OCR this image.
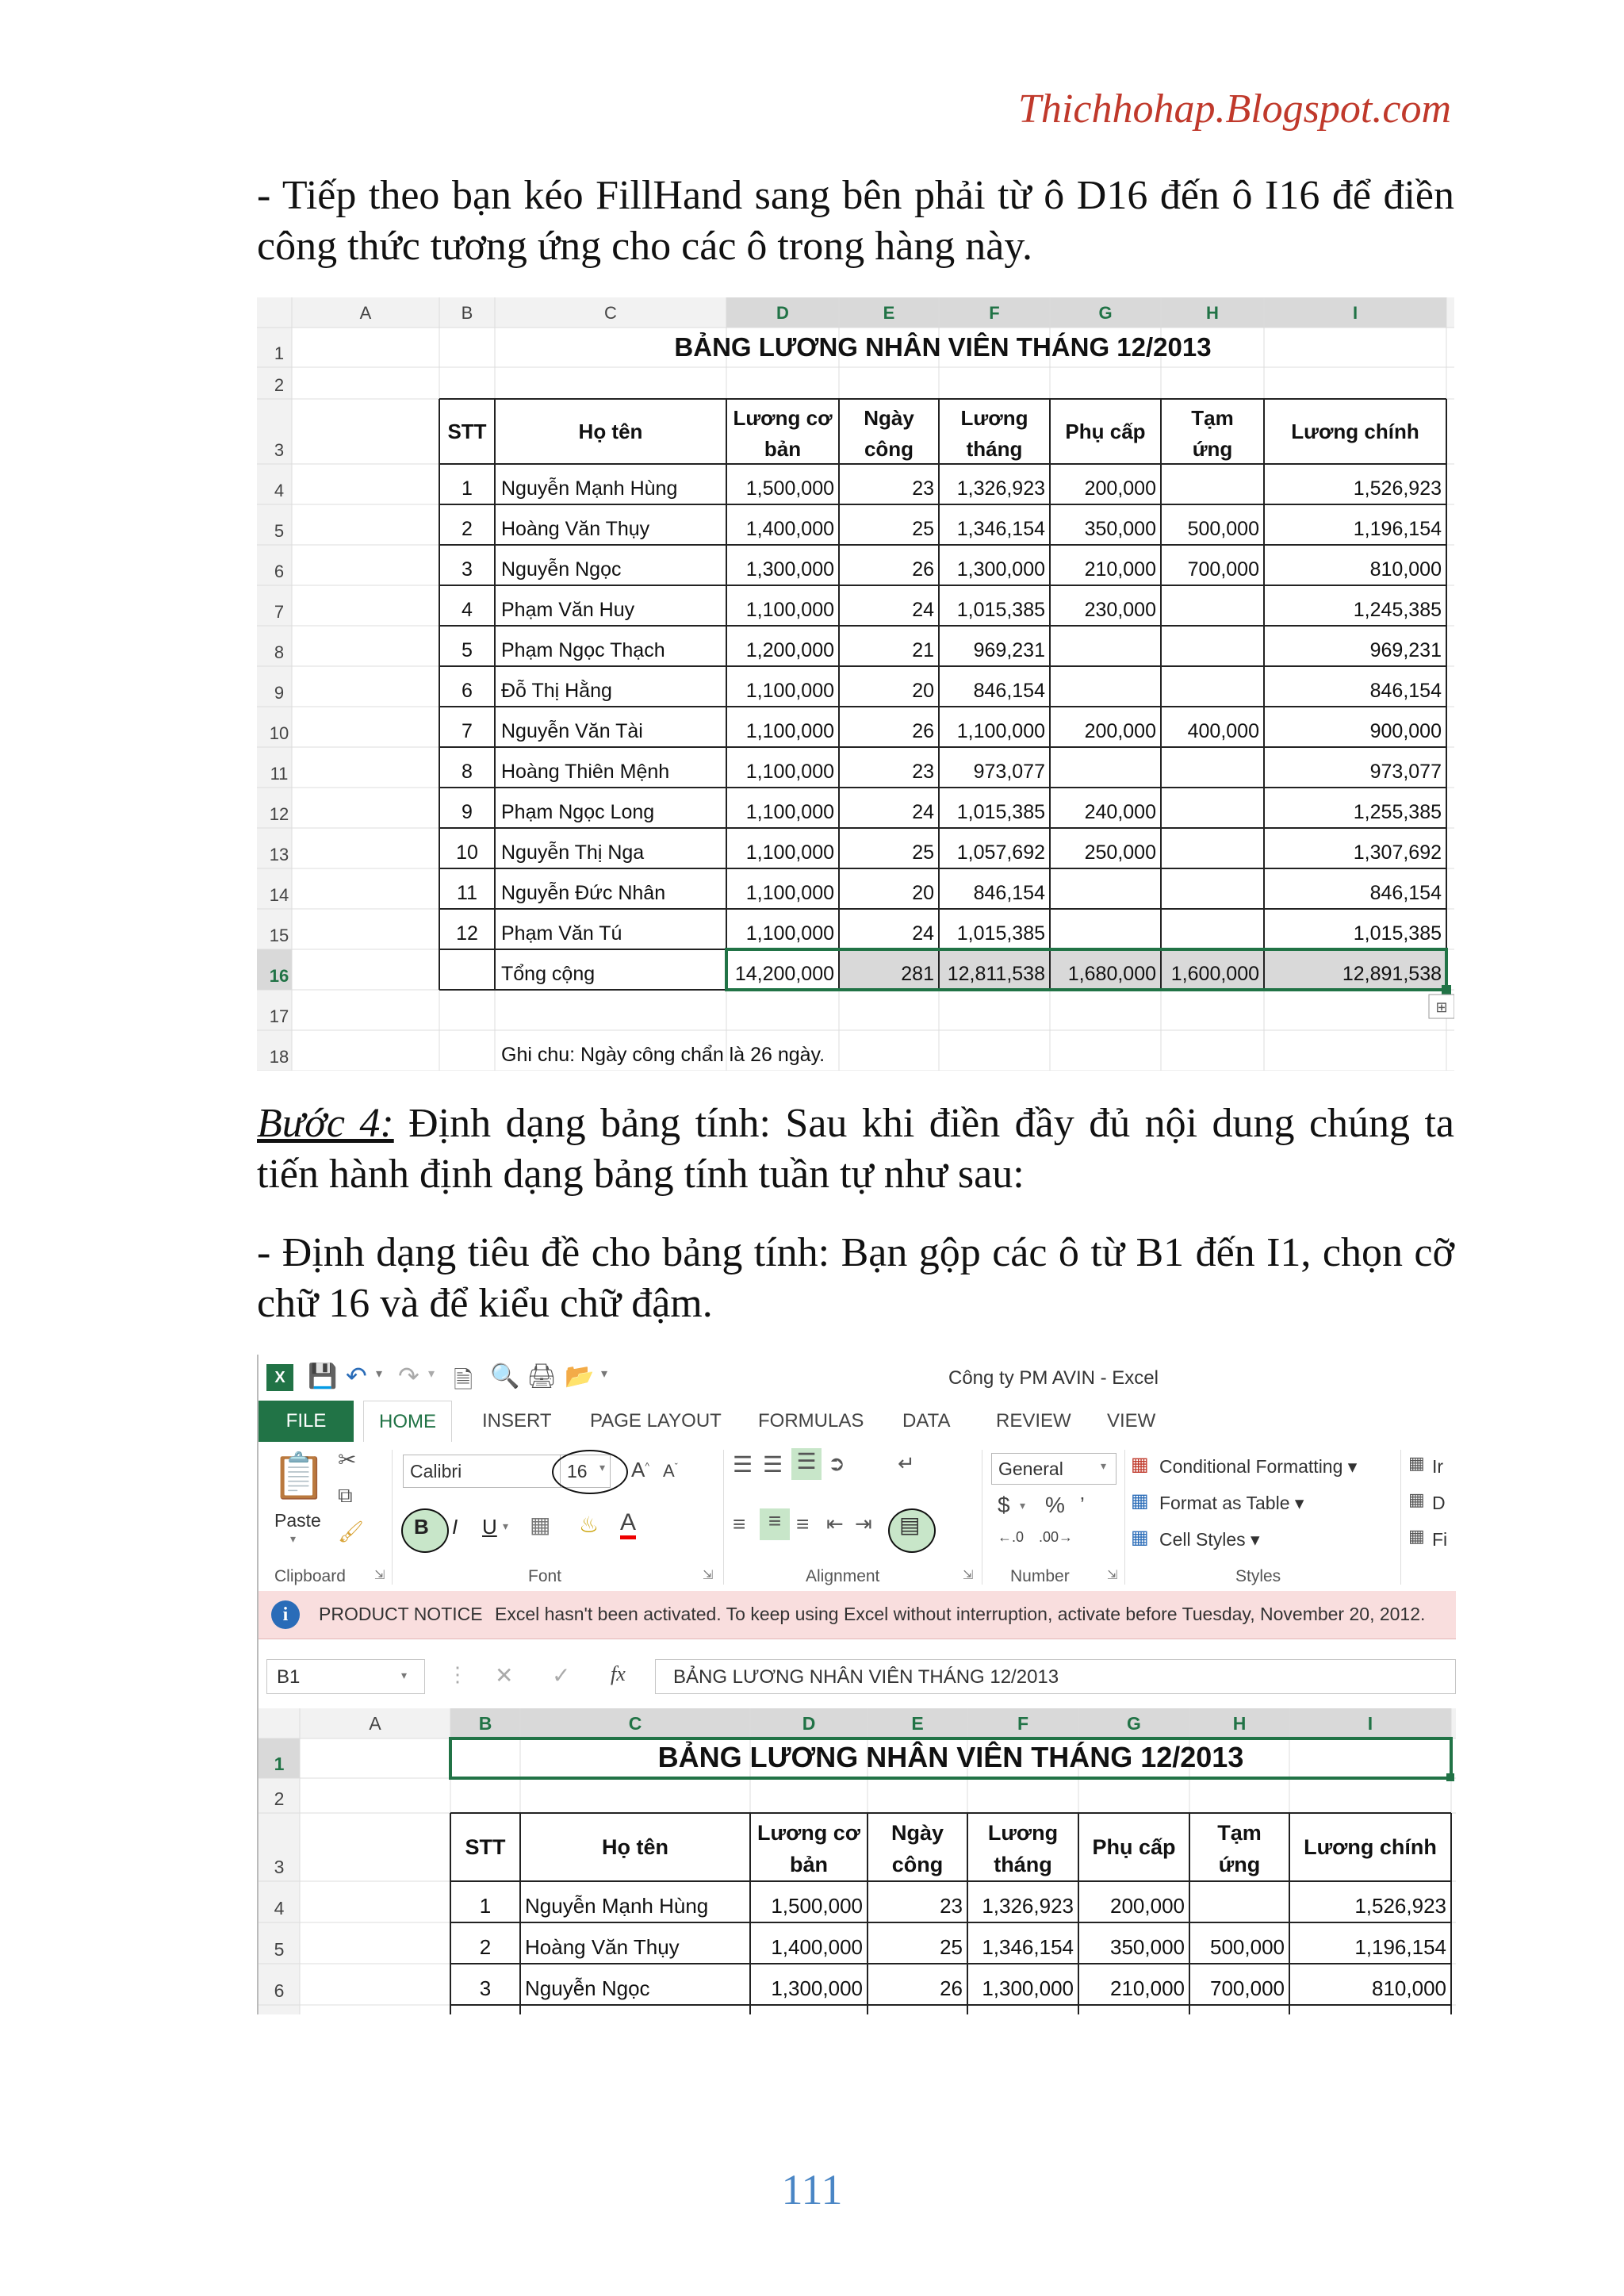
Thichhohap.Blogspot.com
- Tiếp theo bạn kéo FillHand sang bên phải từ ô D16 đến ô I16 để điền công thức tương ứng cho các ô trong hàng này.
A	B	C	D	E	F	G	H	I
1
2
3
4
5
6
7
8
9
10
11
12
13
14
15
16
17
18
BẢNG LƯƠNG NHÂN VIÊN THÁNG 12/2013
STT	Họ tên
Lương cơ
bản
Ngày
công
Lương
tháng
Phụ cấp
Tạm
ứng
Lương chính
1 Nguyễn Mạnh Hùng	1,500,000	23 1,326,923 200,000	1,526,923
2 Hoàng Văn Thụy	1,400,000	25 1,346,154 350,000 500,000	1,196,154
3 Nguyễn Ngọc	1,300,000	26 1,300,000 210,000 700,000	810,000
4 Phạm Văn Huy	1,100,000	24 1,015,385 230,000	1,245,385
5 Phạm Ngọc Thạch	1,200,000	21 969,231	969,231
6 Đỗ Thị Hằng	1,100,000	20 846,154	846,154
7 Nguyễn Văn Tài	1,100,000	26 1,100,000 200,000 400,000	900,000
8 Hoàng Thiên Mệnh	1,100,000	23 973,077	973,077
9 Phạm Ngọc Long	1,100,000	24 1,015,385 240,000	1,255,385
10 Nguyễn Thị Nga	1,100,000	25 1,057,692 250,000	1,307,692
11 Nguyễn Đức Nhân	1,100,000	20 846,154	846,154
12 Phạm Văn Tú	1,100,000	24 1,015,385	1,015,385
Tổng cộng	14,200,000	281 12,811,538 1,680,000 1,600,000	12,891,538
⊞
Ghi chu: Ngày công chẩn là 26 ngày.
Bước 4: Định dạng bảng tính: Sau khi điền đầy đủ nội dung chúng ta tiến hành định dạng bảng tính tuần tự như sau:
- Định dạng tiêu đề cho bảng tính: Bạn gộp các ô từ B1 đến I1, chọn cỡ chữ 16 và để kiểu chữ đậm.
X 💾 ↶ ▾ ↷ ▾ 🗎 🔍 🖨 📂 ▾	Công ty PM AVIN - Excel
FILE	HOME	INSERT PAGE LAYOUT FORMULAS DATA REVIEW VIEW
📋
Paste
▾
✂
⧉
🖌
Clipboard ⇲
Calibri	16	▾ A^ $A^ˇ$
B I U ▾ ▦ ♨ A
Font	⇲
☰ ☰ ☰ ➲
≡	≡ ≡ ⇤ ⇥
↵
▤
Alignment	⇲
General	▾
$ ▾ % ’
←.0 .00→
Number	⇲
▦ Conditional Formatting ▾
▦ Format as Table ▾
▦ Cell Styles ▾
Styles
▦ Ir
▦ D
▦ Fi
i	PRODUCT NOTICE Excel hasn't been activated. To keep using Excel without interruption, activate before Tuesday, November 20, 2012.
B1	▾ ⋮ ✕ ✓ fx	BẢNG LƯƠNG NHÂN VIÊN THÁNG 12/2013
A	B	C	D	E	F	G	H	I
1
2
3
4
5
6
BẢNG LƯƠNG NHÂN VIÊN THÁNG 12/2013
STT	Họ tên
Lương cơ
bản
Ngày
công
Lương
tháng
Phụ cấp
Tạm
ứng
Lương chính
1 Nguyễn Mạnh Hùng	1,500,000	23 1,326,923 200,000	1,526,923
2 Hoàng Văn Thụy	1,400,000	25 1,346,154 350,000 500,000	1,196,154
3 Nguyễn Ngọc	1,300,000	26 1,300,000 210,000 700,000	810,000
111
